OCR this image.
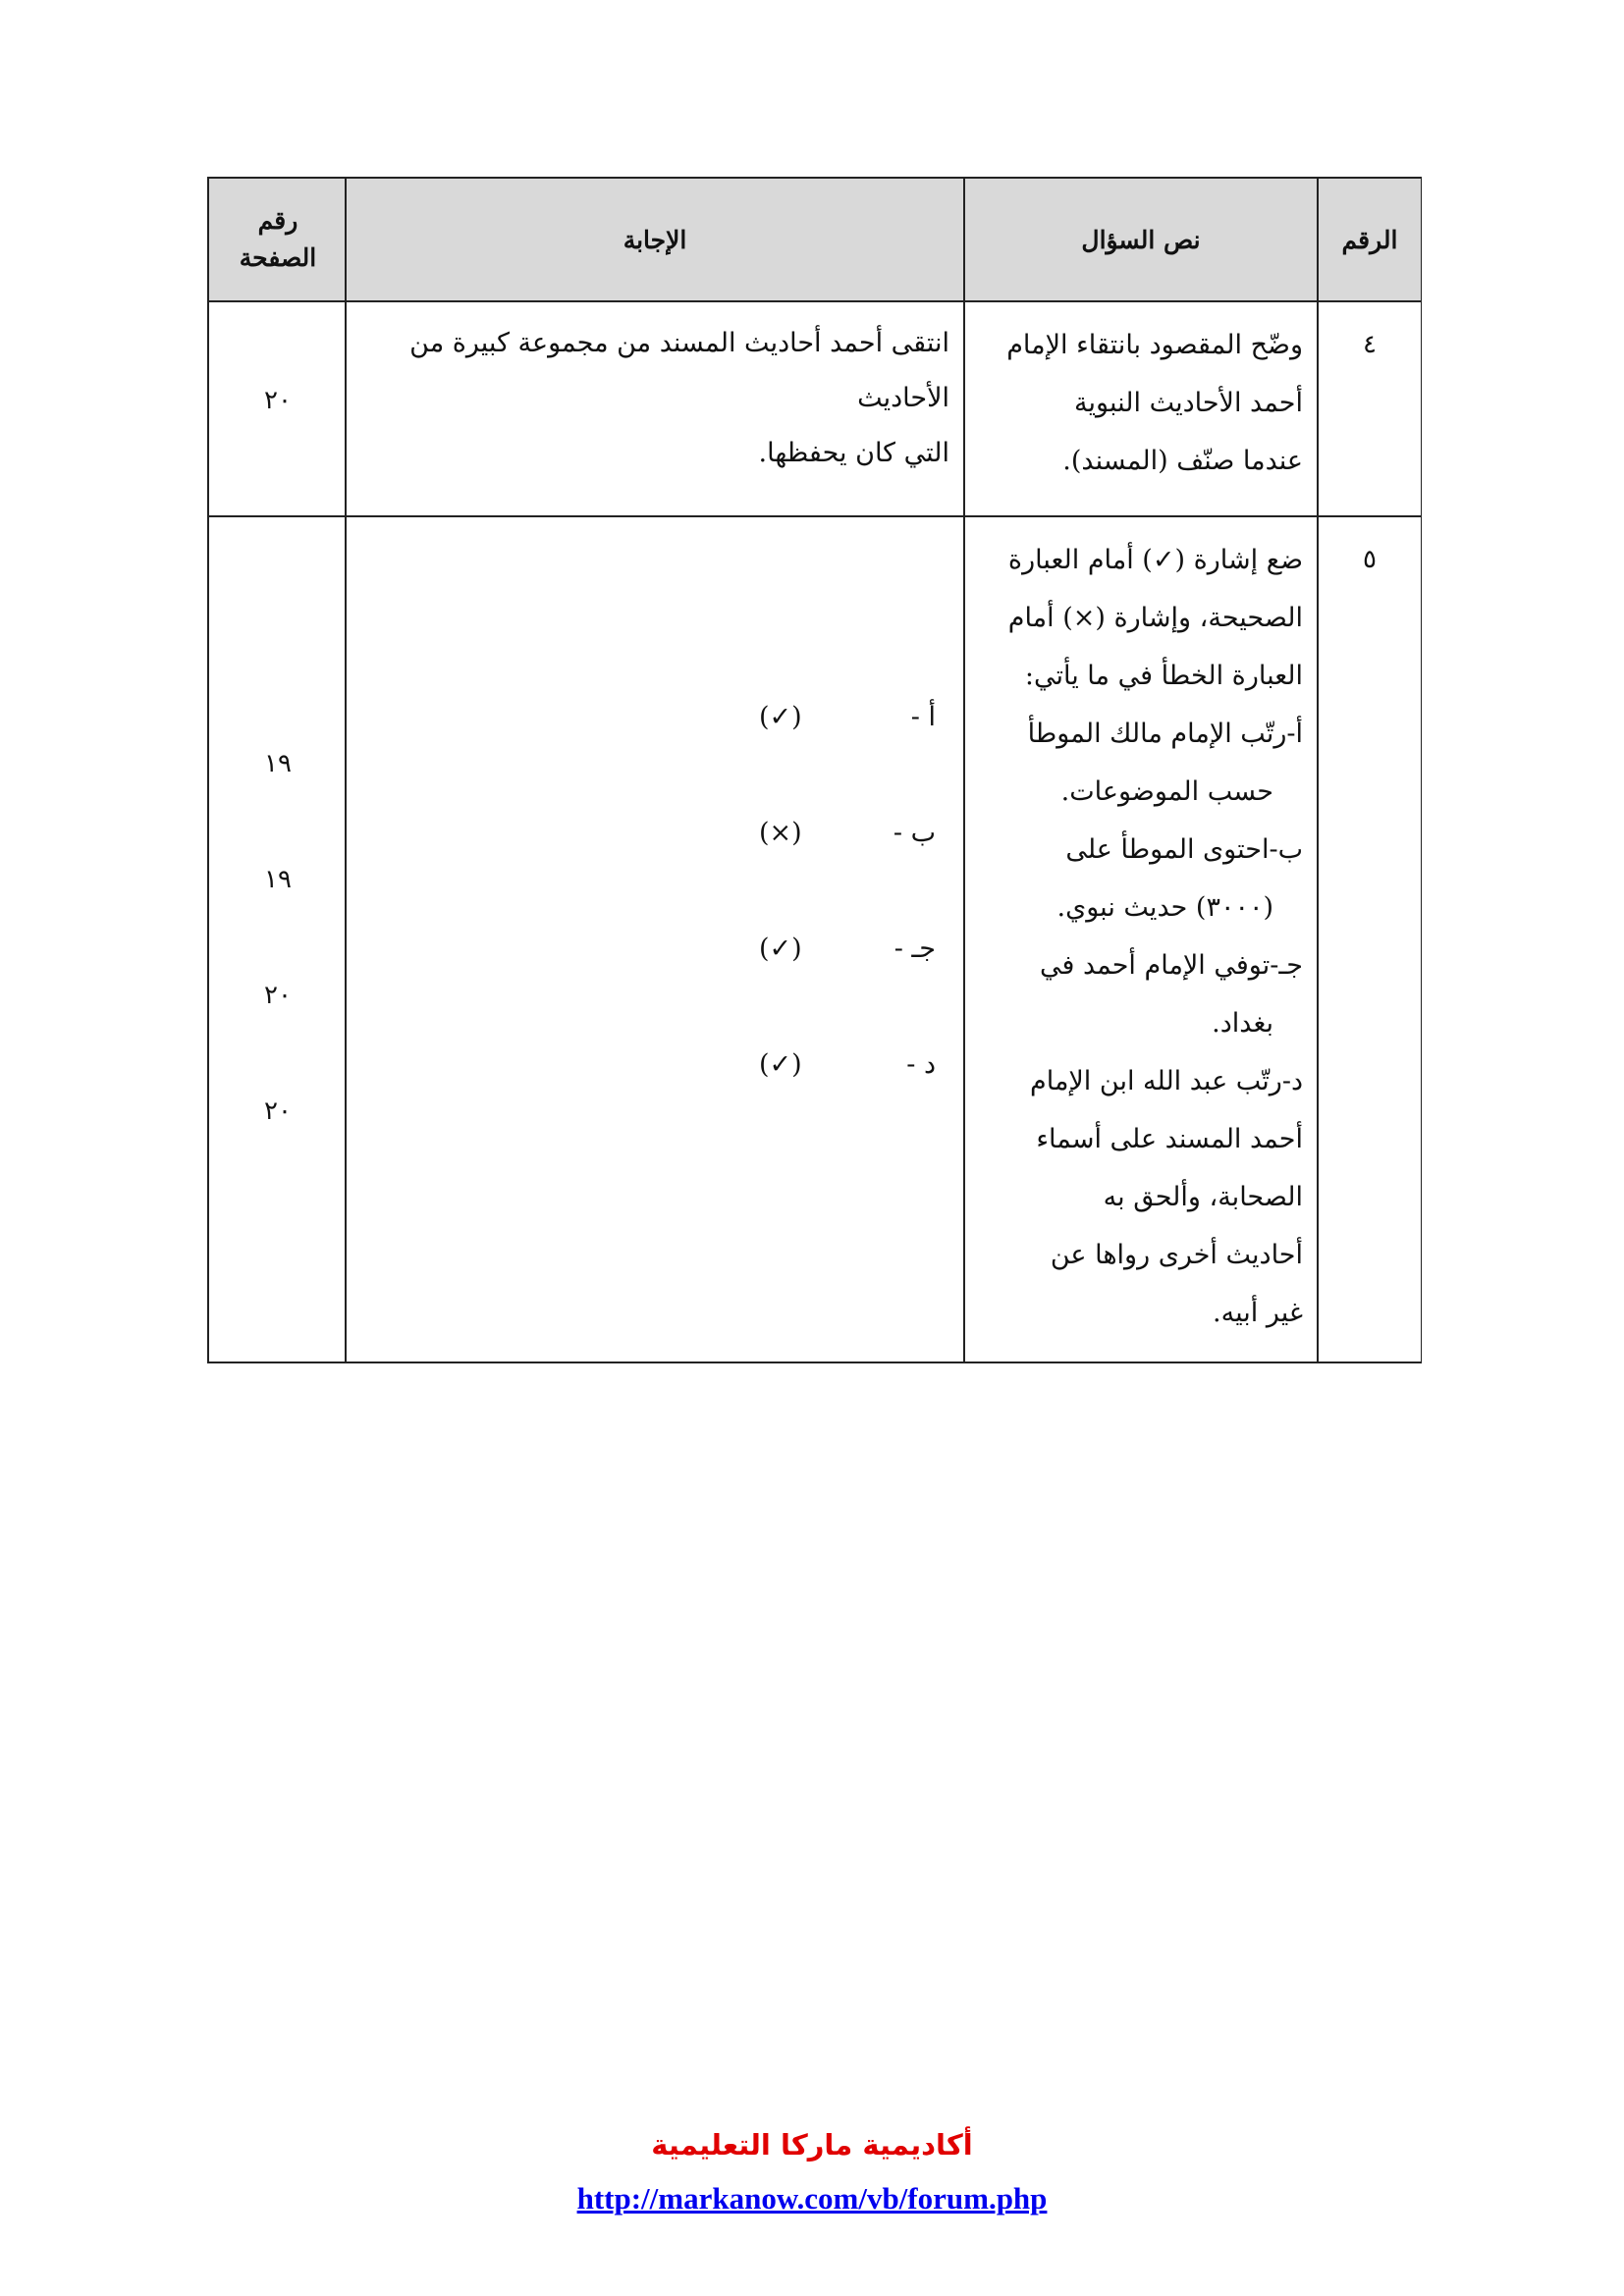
الرقم
نص السؤال
الإجابة
رقم
الصفحة
٤

وضّح المقصود بانتقاء الإمام

أحمد الأحاديث النبوية

عندما صنّف (المسند).

انتقى أحمد أحاديث المسند من مجموعة كبيرة من الأحاديث
التي كان يحفظها.
٢٠
٥

ضع إشارة (✓) أمام العبارة

الصحيحة، وإشارة (×) أمام

العبارة الخطأ في ما يأتي:

أ-رتّب الإمام مالك الموطأ

حسب الموضوعات.

ب-احتوى الموطأ على

(٣٠٠٠) حديث نبوي.

جـ-توفي الإمام أحمد في

بغداد.

د-رتّب عبد الله ابن الإمام

أحمد المسند على أسماء

الصحابة، وألحق به

أحاديث أخرى رواها عن

غير أبيه.

أ -
(✓)
ب -
(×)
جـ -
(✓)
د -
(✓)
١٩
١٩
٢٠
٢٠
أكاديمية ماركا التعليمية
http://markanow.com/vb/forum.php
